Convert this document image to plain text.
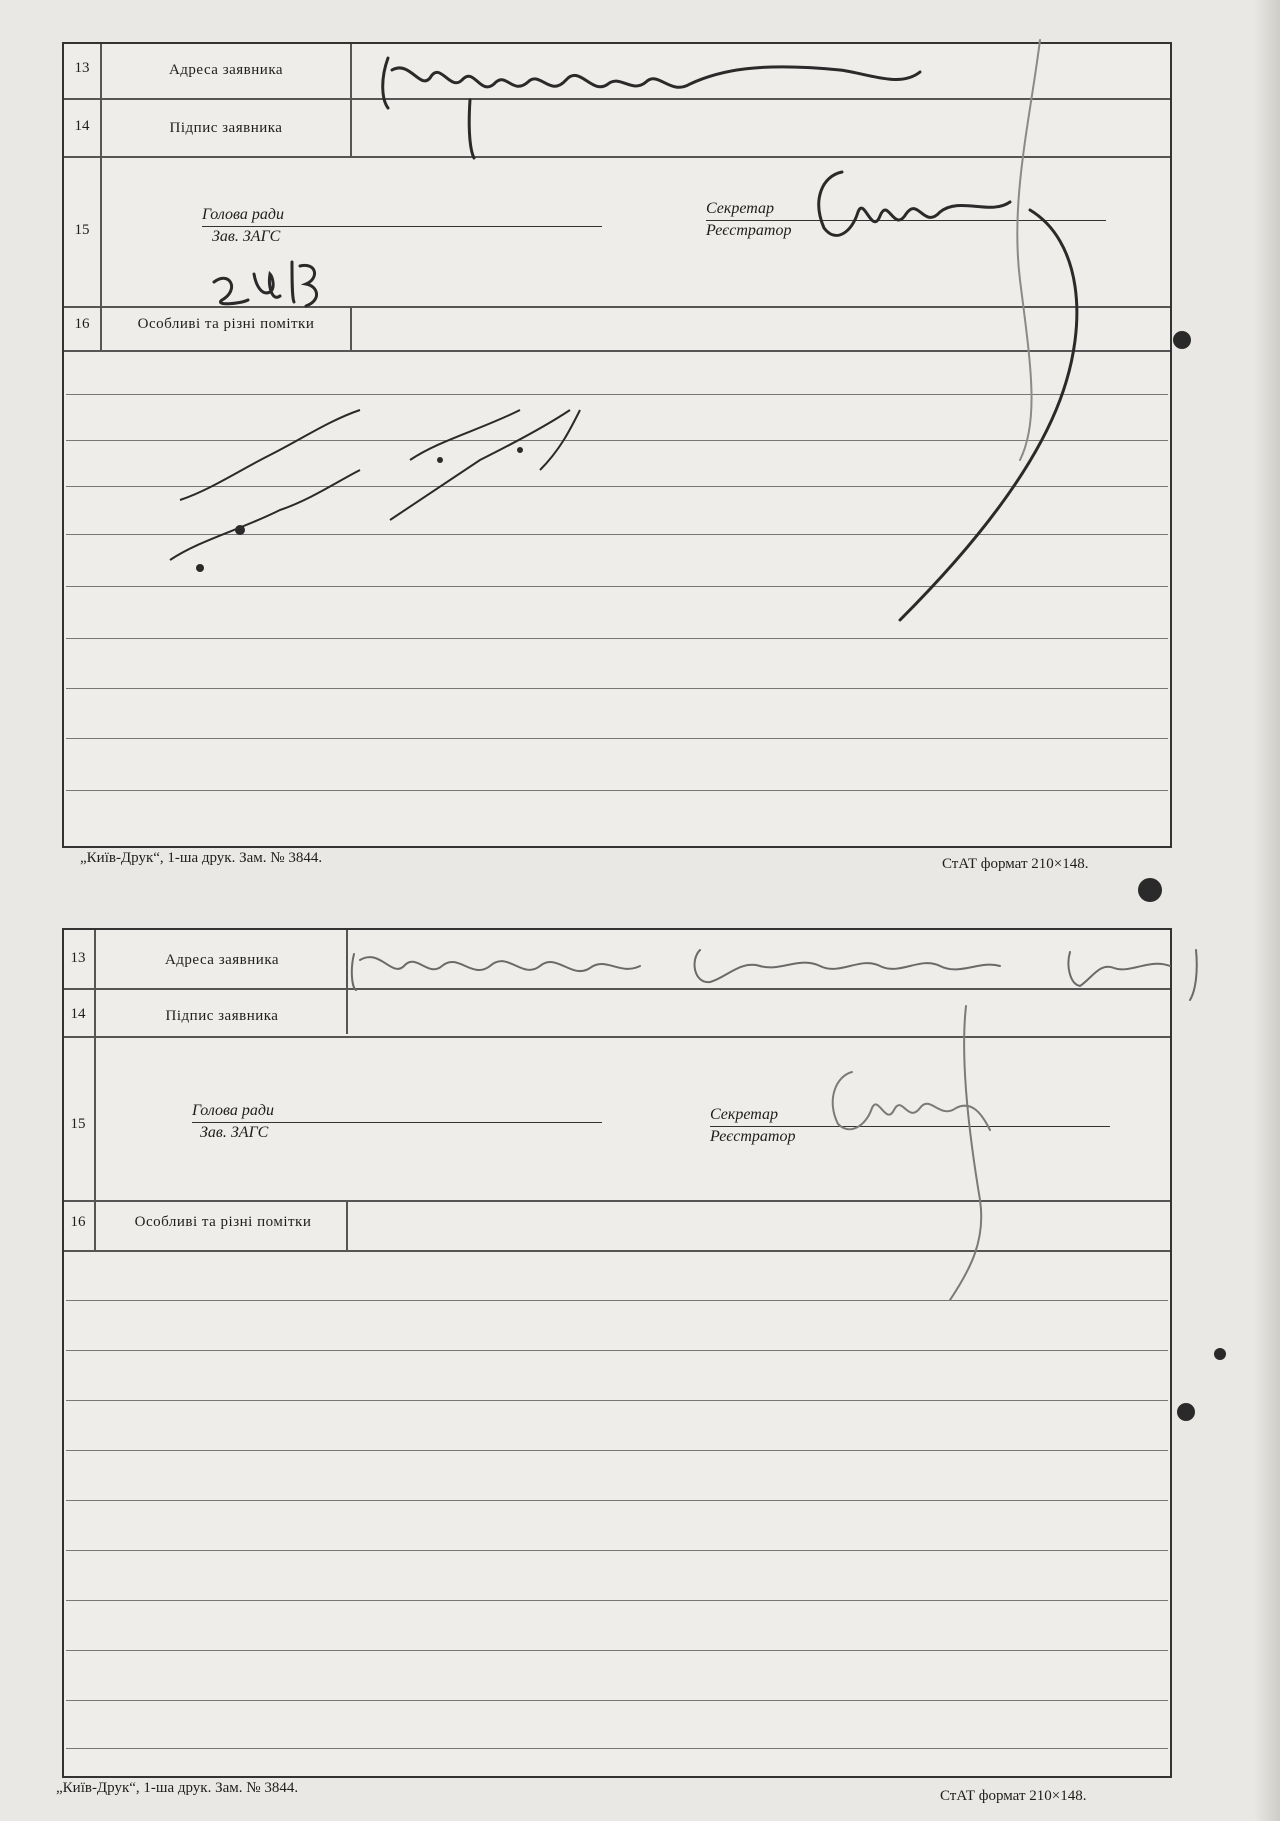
13	Адреса заявника
14	Підпис заявника
15
Голова ради
Зав. ЗАГС
Секретар
Реєстратор
16	Особливі та різні помітки
„Київ-Друк“, 1-ша друк. Зам. № 3844.	СтАТ формат 210×148.
13	Адреса заявника
14	Підпис заявника
15
Голова ради
Зав. ЗАГС
Секретар
Реєстратор
16	Особливі та різні помітки
„Київ-Друк“, 1-ша друк. Зам. № 3844.	СтАТ формат 210×148.
